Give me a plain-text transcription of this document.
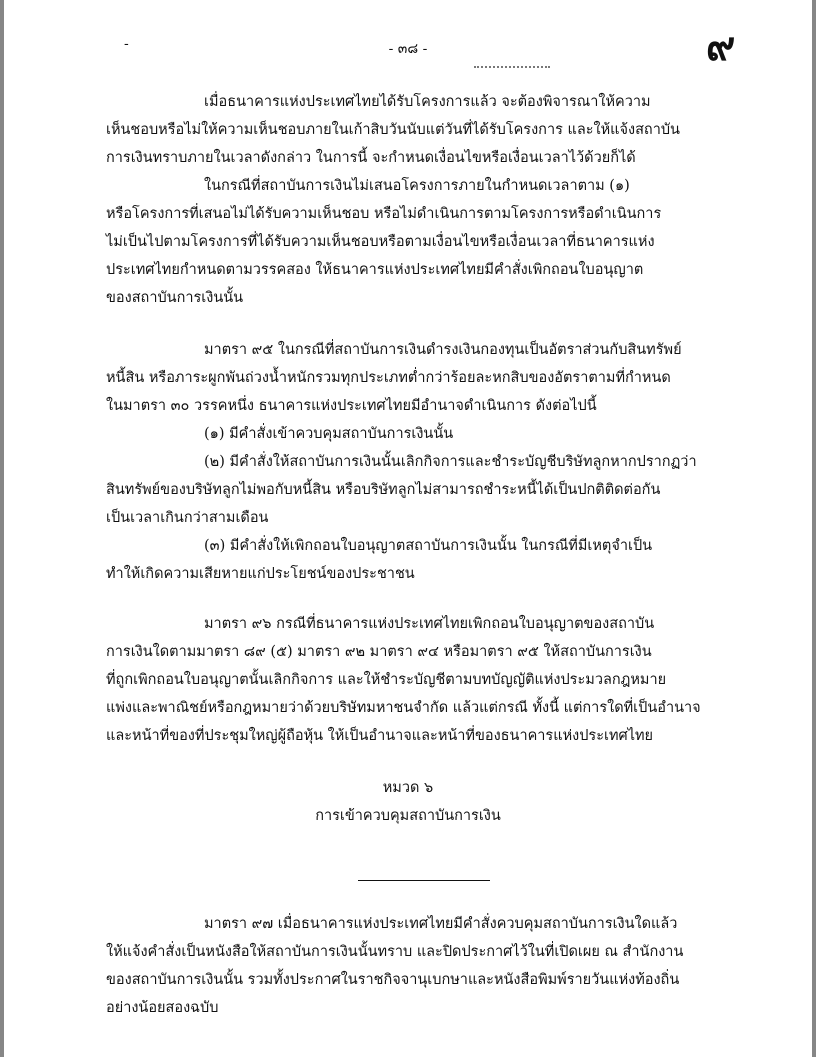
๙
-	- ๓๘ -
เมื่อธนาคารแห่งประเทศไทยได้รับโครงการแล้ว จะต้องพิจารณาให้ความ
เห็นชอบหรือไม่ให้ความเห็นชอบภายในเก้าสิบวันนับแต่วันที่ได้รับโครงการ และให้แจ้งสถาบัน
การเงินทราบภายในเวลาดังกล่าว ในการนี้ จะกำหนดเงื่อนไขหรือเงื่อนเวลาไว้ด้วยก็ได้
ในกรณีที่สถาบันการเงินไม่เสนอโครงการภายในกำหนดเวลาตาม (๑)
หรือโครงการที่เสนอไม่ได้รับความเห็นชอบ หรือไม่ดำเนินการตามโครงการหรือดำเนินการ
ไม่เป็นไปตามโครงการที่ได้รับความเห็นชอบหรือตามเงื่อนไขหรือเงื่อนเวลาที่ธนาคารแห่ง
ประเทศไทยกำหนดตามวรรคสอง ให้ธนาคารแห่งประเทศไทยมีคำสั่งเพิกถอนใบอนุญาต
ของสถาบันการเงินนั้น
มาตรา ๙๕ ในกรณีที่สถาบันการเงินดำรงเงินกองทุนเป็นอัตราส่วนกับสินทรัพย์
หนี้สิน หรือภาระผูกพันถ่วงน้ำหนักรวมทุกประเภทต่ำกว่าร้อยละหกสิบของอัตราตามที่กำหนด
ในมาตรา ๓๐ วรรคหนึ่ง ธนาคารแห่งประเทศไทยมีอำนาจดำเนินการ ดังต่อไปนี้
(๑) มีคำสั่งเข้าควบคุมสถาบันการเงินนั้น
(๒) มีคำสั่งให้สถาบันการเงินนั้นเลิกกิจการและชำระบัญชีบริษัทลูกหากปรากฏว่า
สินทรัพย์ของบริษัทลูกไม่พอกับหนี้สิน หรือบริษัทลูกไม่สามารถชำระหนี้ได้เป็นปกติติดต่อกัน
เป็นเวลาเกินกว่าสามเดือน
(๓) มีคำสั่งให้เพิกถอนใบอนุญาตสถาบันการเงินนั้น ในกรณีที่มีเหตุจำเป็น
ทำให้เกิดความเสียหายแก่ประโยชน์ของประชาชน
มาตรา ๙๖ กรณีที่ธนาคารแห่งประเทศไทยเพิกถอนใบอนุญาตของสถาบัน
การเงินใดตามมาตรา ๘๙ (๕) มาตรา ๙๒ มาตรา ๙๔ หรือมาตรา ๙๕ ให้สถาบันการเงิน
ที่ถูกเพิกถอนใบอนุญาตนั้นเลิกกิจการ และให้ชำระบัญชีตามบทบัญญัติแห่งประมวลกฎหมาย
แพ่งและพาณิชย์หรือกฎหมายว่าด้วยบริษัทมหาชนจำกัด แล้วแต่กรณี ทั้งนี้ แต่การใดที่เป็นอำนาจ
และหน้าที่ของที่ประชุมใหญ่ผู้ถือหุ้น ให้เป็นอำนาจและหน้าที่ของธนาคารแห่งประเทศไทย
หมวด ๖
การเข้าควบคุมสถาบันการเงิน
มาตรา ๙๗ เมื่อธนาคารแห่งประเทศไทยมีคำสั่งควบคุมสถาบันการเงินใดแล้ว
ให้แจ้งคำสั่งเป็นหนังสือให้สถาบันการเงินนั้นทราบ และปิดประกาศไว้ในที่เปิดเผย ณ สำนักงาน
ของสถาบันการเงินนั้น รวมทั้งประกาศในราชกิจจานุเบกษาและหนังสือพิมพ์รายวันแห่งท้องถิ่น
อย่างน้อยสองฉบับ
